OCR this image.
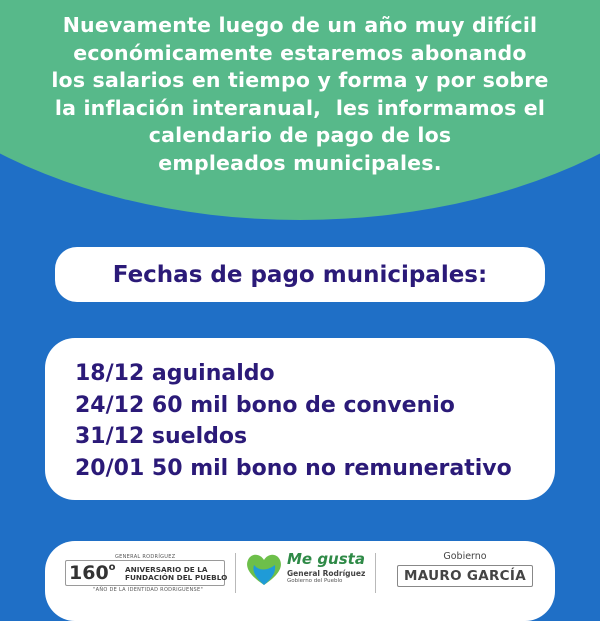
Nuevamente luego de un año muy difícil
económicamente estaremos abonando
los salarios en tiempo y forma y por sobre
la inflación interanual,  les informamos el
calendario de pago de los
empleados municipales.
Fechas de pago municipales:
18/12 aguinaldo
24/12 60 mil bono de convenio
31/12 sueldos
20/01 50 mil bono no remunerativo
GENERAL RODRÍGUEZ
160$^o$ ANIVERSARIO DE LA
FUNDACIÓN DEL PUEBLO
"AÑO DE LA IDENTIDAD RODRIGUENSE"
Me gusta
General Rodríguez
Gobierno del Pueblo
Gobierno
MAURO GARCÍA
